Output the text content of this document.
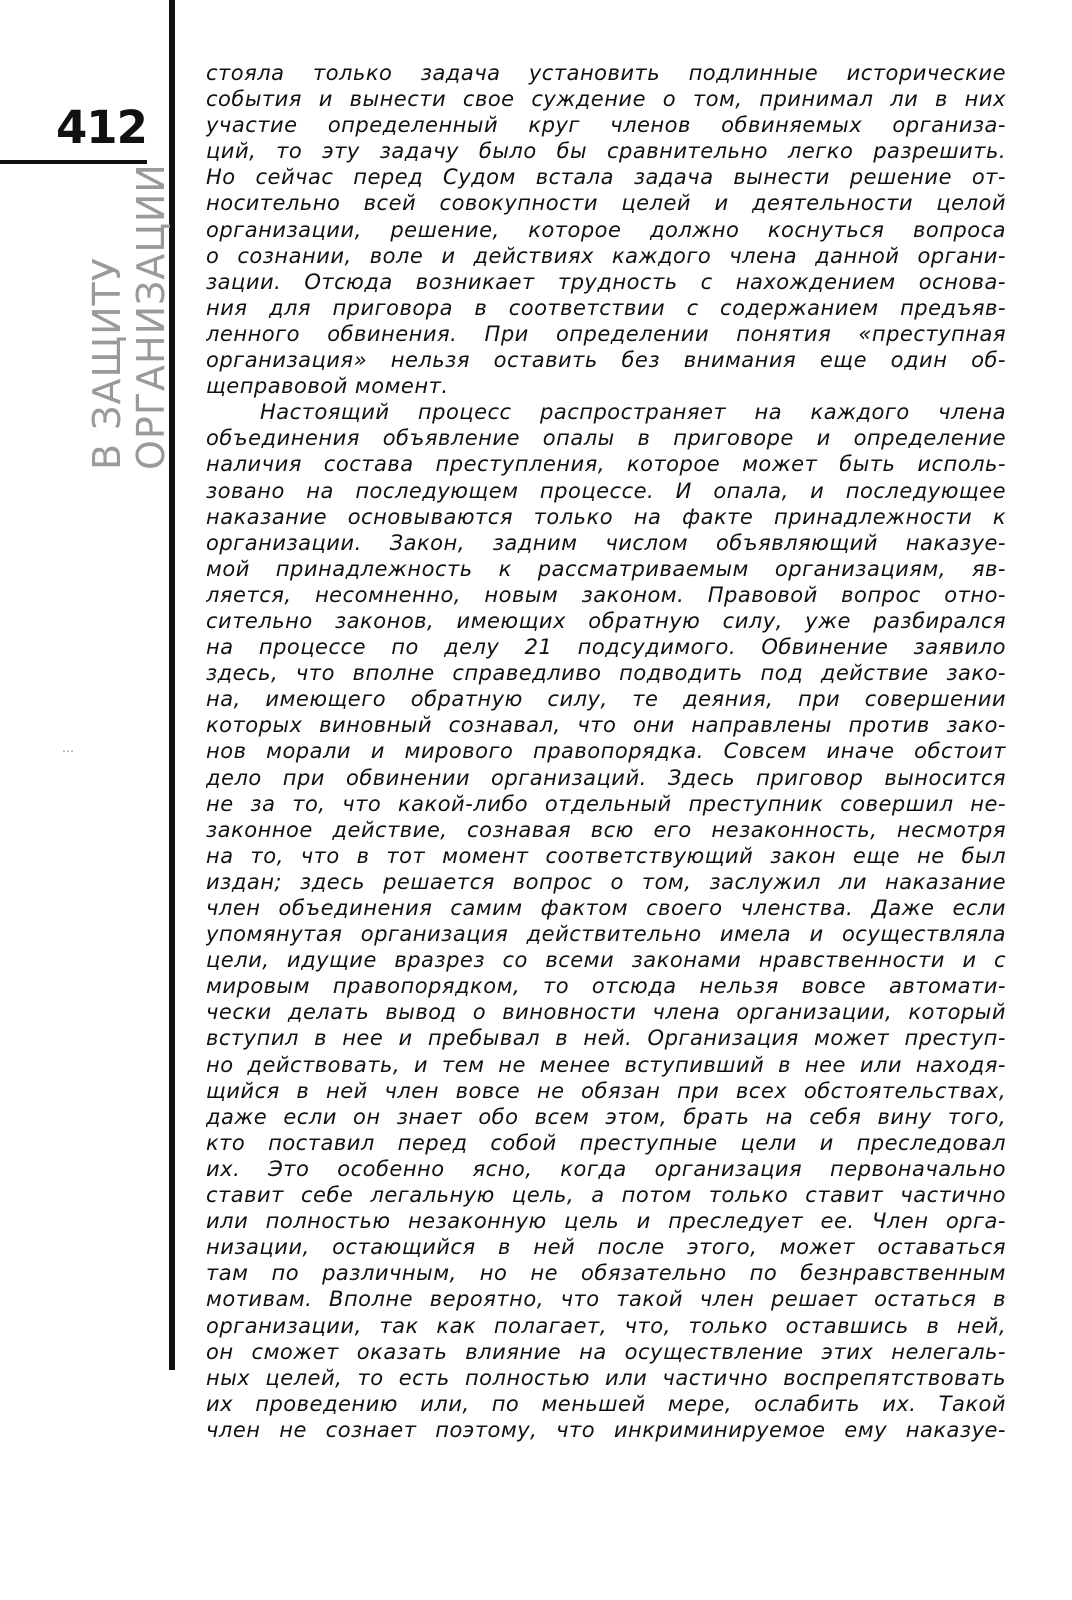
412
В ЗАЩИТУ ОРГАНИЗАЦИИ
…
стояла только задача установить подлинные исторические
события и вынести свое суждение о том, принимал ли в них
участие определенный круг членов обвиняемых организа-
ций, то эту задачу было бы сравнительно легко разрешить.
Но сейчас перед Судом встала задача вынести решение от-
носительно всей совокупности целей и деятельности целой
организации, решение, которое должно коснуться вопроса
о сознании, воле и действиях каждого члена данной органи-
зации. Отсюда возникает трудность с нахождением основа-
ния для приговора в соответствии с содержанием предъяв-
ленного обвинения. При определении понятия «преступная
организация» нельзя оставить без внимания еще один об-
щеправовой момент.
Настоящий процесс распространяет на каждого члена
объединения объявление опалы в приговоре и определение
наличия состава преступления, которое может быть исполь-
зовано на последующем процессе. И опала, и последующее
наказание основываются только на факте принадлежности к
организации. Закон, задним числом объявляющий наказуе-
мой принадлежность к рассматриваемым организациям, яв-
ляется, несомненно, новым законом. Правовой вопрос отно-
сительно законов, имеющих обратную силу, уже разбирался
на процессе по делу 21 подсудимого. Обвинение заявило
здесь, что вполне справедливо подводить под действие зако-
на, имеющего обратную силу, те деяния, при совершении
которых виновный сознавал, что они направлены против зако-
нов морали и мирового правопорядка. Совсем иначе обстоит
дело при обвинении организаций. Здесь приговор выносится
не за то, что какой-либо отдельный преступник совершил не-
законное действие, сознавая всю его незаконность, несмотря
на то, что в тот момент соответствующий закон еще не был
издан; здесь решается вопрос о том, заслужил ли наказание
член объединения самим фактом своего членства. Даже если
упомянутая организация действительно имела и осуществляла
цели, идущие вразрез со всеми законами нравственности и с
мировым правопорядком, то отсюда нельзя вовсе автомати-
чески делать вывод о виновности члена организации, который
вступил в нее и пребывал в ней. Организация может преступ-
но действовать, и тем не менее вступивший в нее или находя-
щийся в ней член вовсе не обязан при всех обстоятельствах,
даже если он знает обо всем этом, брать на себя вину того,
кто поставил перед собой преступные цели и преследовал
их. Это особенно ясно, когда организация первоначально
ставит себе легальную цель, а потом только ставит частично
или полностью незаконную цель и преследует ее. Член орга-
низации, остающийся в ней после этого, может оставаться
там по различным, но не обязательно по безнравственным
мотивам. Вполне вероятно, что такой член решает остаться в
организации, так как полагает, что, только оставшись в ней,
он сможет оказать влияние на осуществление этих нелегаль-
ных целей, то есть полностью или частично воспрепятствовать
их проведению или, по меньшей мере, ослабить их. Такой
член не сознает поэтому, что инкриминируемое ему наказуе-
